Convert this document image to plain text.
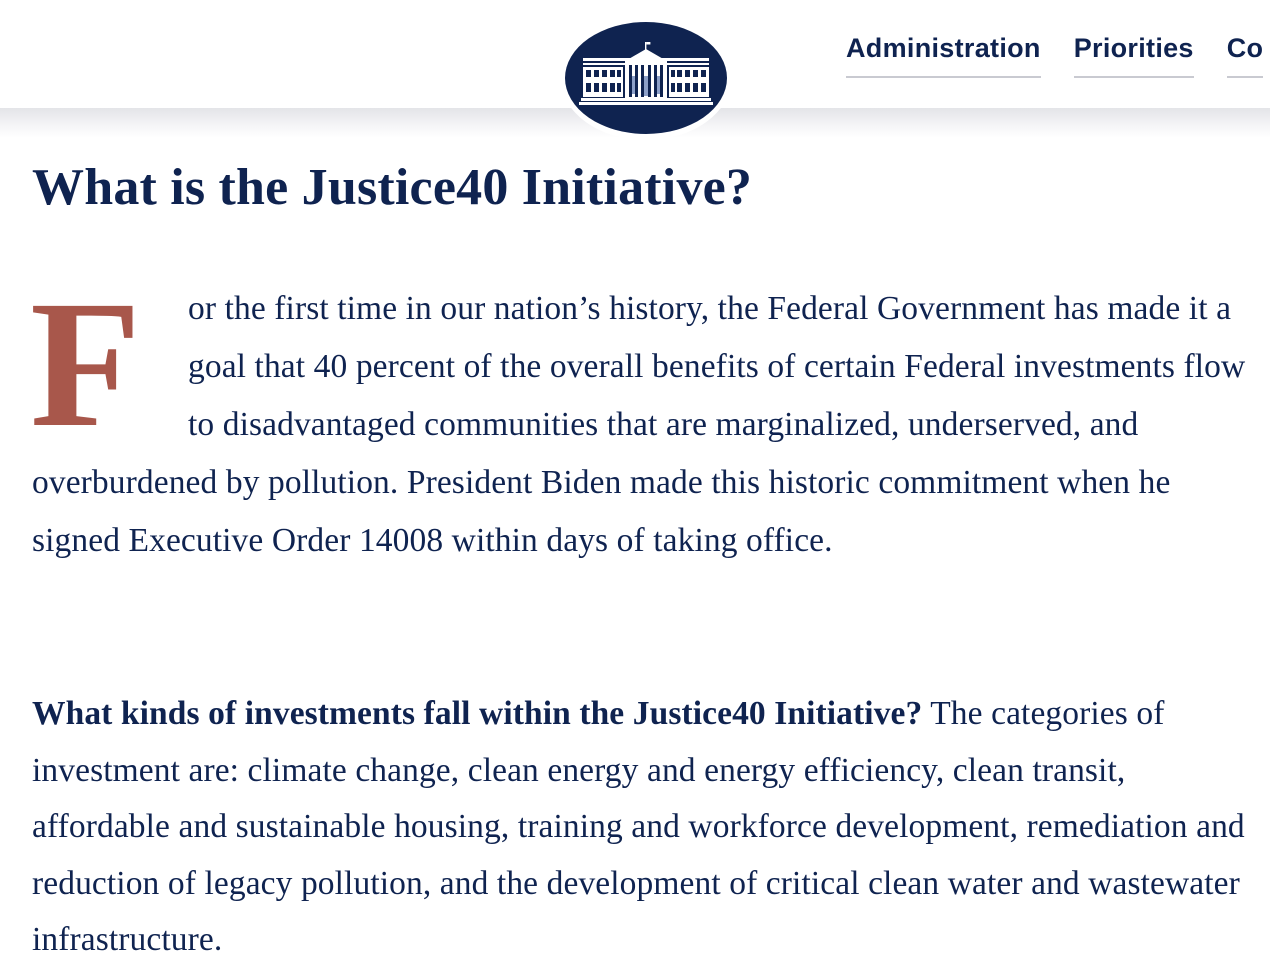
Administration Priorities Co
What is the Justice40 Initiative?

F or the first time in our nation’s history, the Federal Government has made it a goal that 40 percent of the overall benefits of certain Federal investments flow to disadvantaged communities that are marginalized, underserved, and overburdened by pollution. President Biden made this historic commitment when he signed Executive Order 14008 within days of taking office.

What kinds of investments fall within the Justice40 Initiative? The categories of investment are: climate change, clean energy and energy efficiency, clean transit, affordable and sustainable housing, training and workforce development, remediation and reduction of legacy pollution, and the development of critical clean water and wastewater infrastructure.
